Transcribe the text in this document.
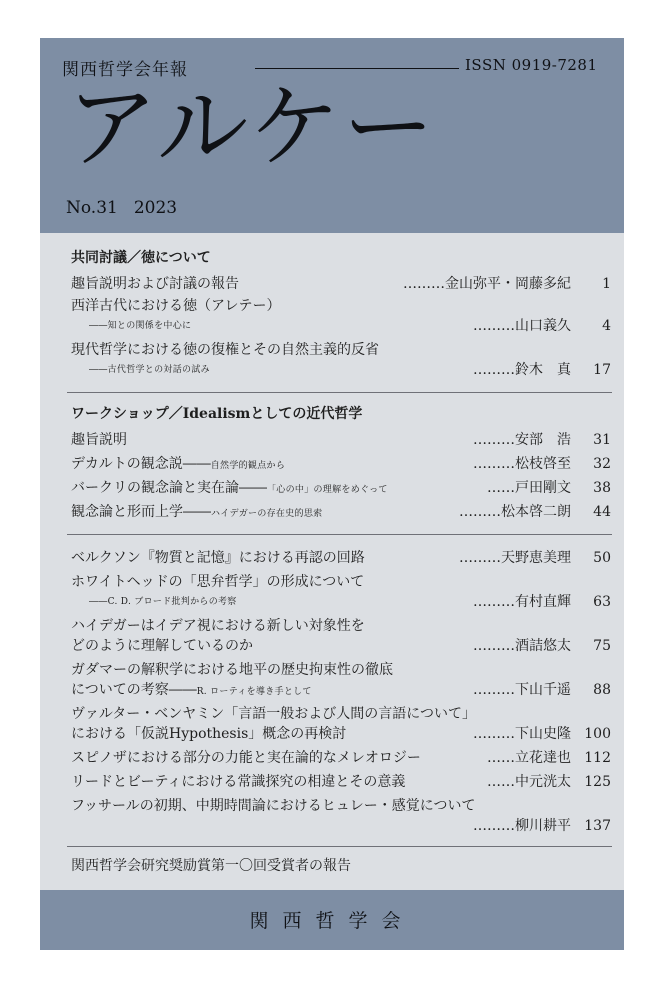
関西哲学会年報	ISSN 0919-7281
アルケー
No.31 2023
共同討議／徳について
趣旨説明および討議の報告	………金山弥平・岡藤多紀 1
西洋古代における徳（アレテー）
――知との関係を中心に	………山口義久 4
現代哲学における徳の復権とその自然主義的反省
――古代哲学との対話の試み	………鈴木　真 17
ワークショップ／Idealismとしての近代哲学
趣旨説明	………安部　浩 31
デカルトの観念説――自然学的観点から	………松枝啓至 32
バークリの観念論と実在論――「心の中」の理解をめぐって	……戸田剛文 38
観念論と形而上学――ハイデガーの存在史的思索	………松本啓二朗 44
ベルクソン『物質と記憶』における再認の回路	………天野恵美理 50
ホワイトヘッドの「思弁哲学」の形成について
――C. D. ブロード批判からの考察	………有村直輝 63
ハイデガーはイデア視における新しい対象性を
どのように理解しているのか	………酒詰悠太 75
ガダマーの解釈学における地平の歴史拘束性の徹底
についての考察――R. ローティを導き手として	………下山千遥 88
ヴァルター・ベンヤミン「言語一般および人間の言語について」
における「仮説Hypothesis」概念の再検討	………下山史隆 100
スピノザにおける部分の力能と実在論的なメレオロジー	……立花達也 112
リードとビーティにおける常識探究の相違とその意義	……中元洸太 125
フッサールの初期、中期時間論におけるヒュレー・感覚について
………柳川耕平 137
関西哲学会研究奨励賞第一〇回受賞者の報告
関西哲学会
